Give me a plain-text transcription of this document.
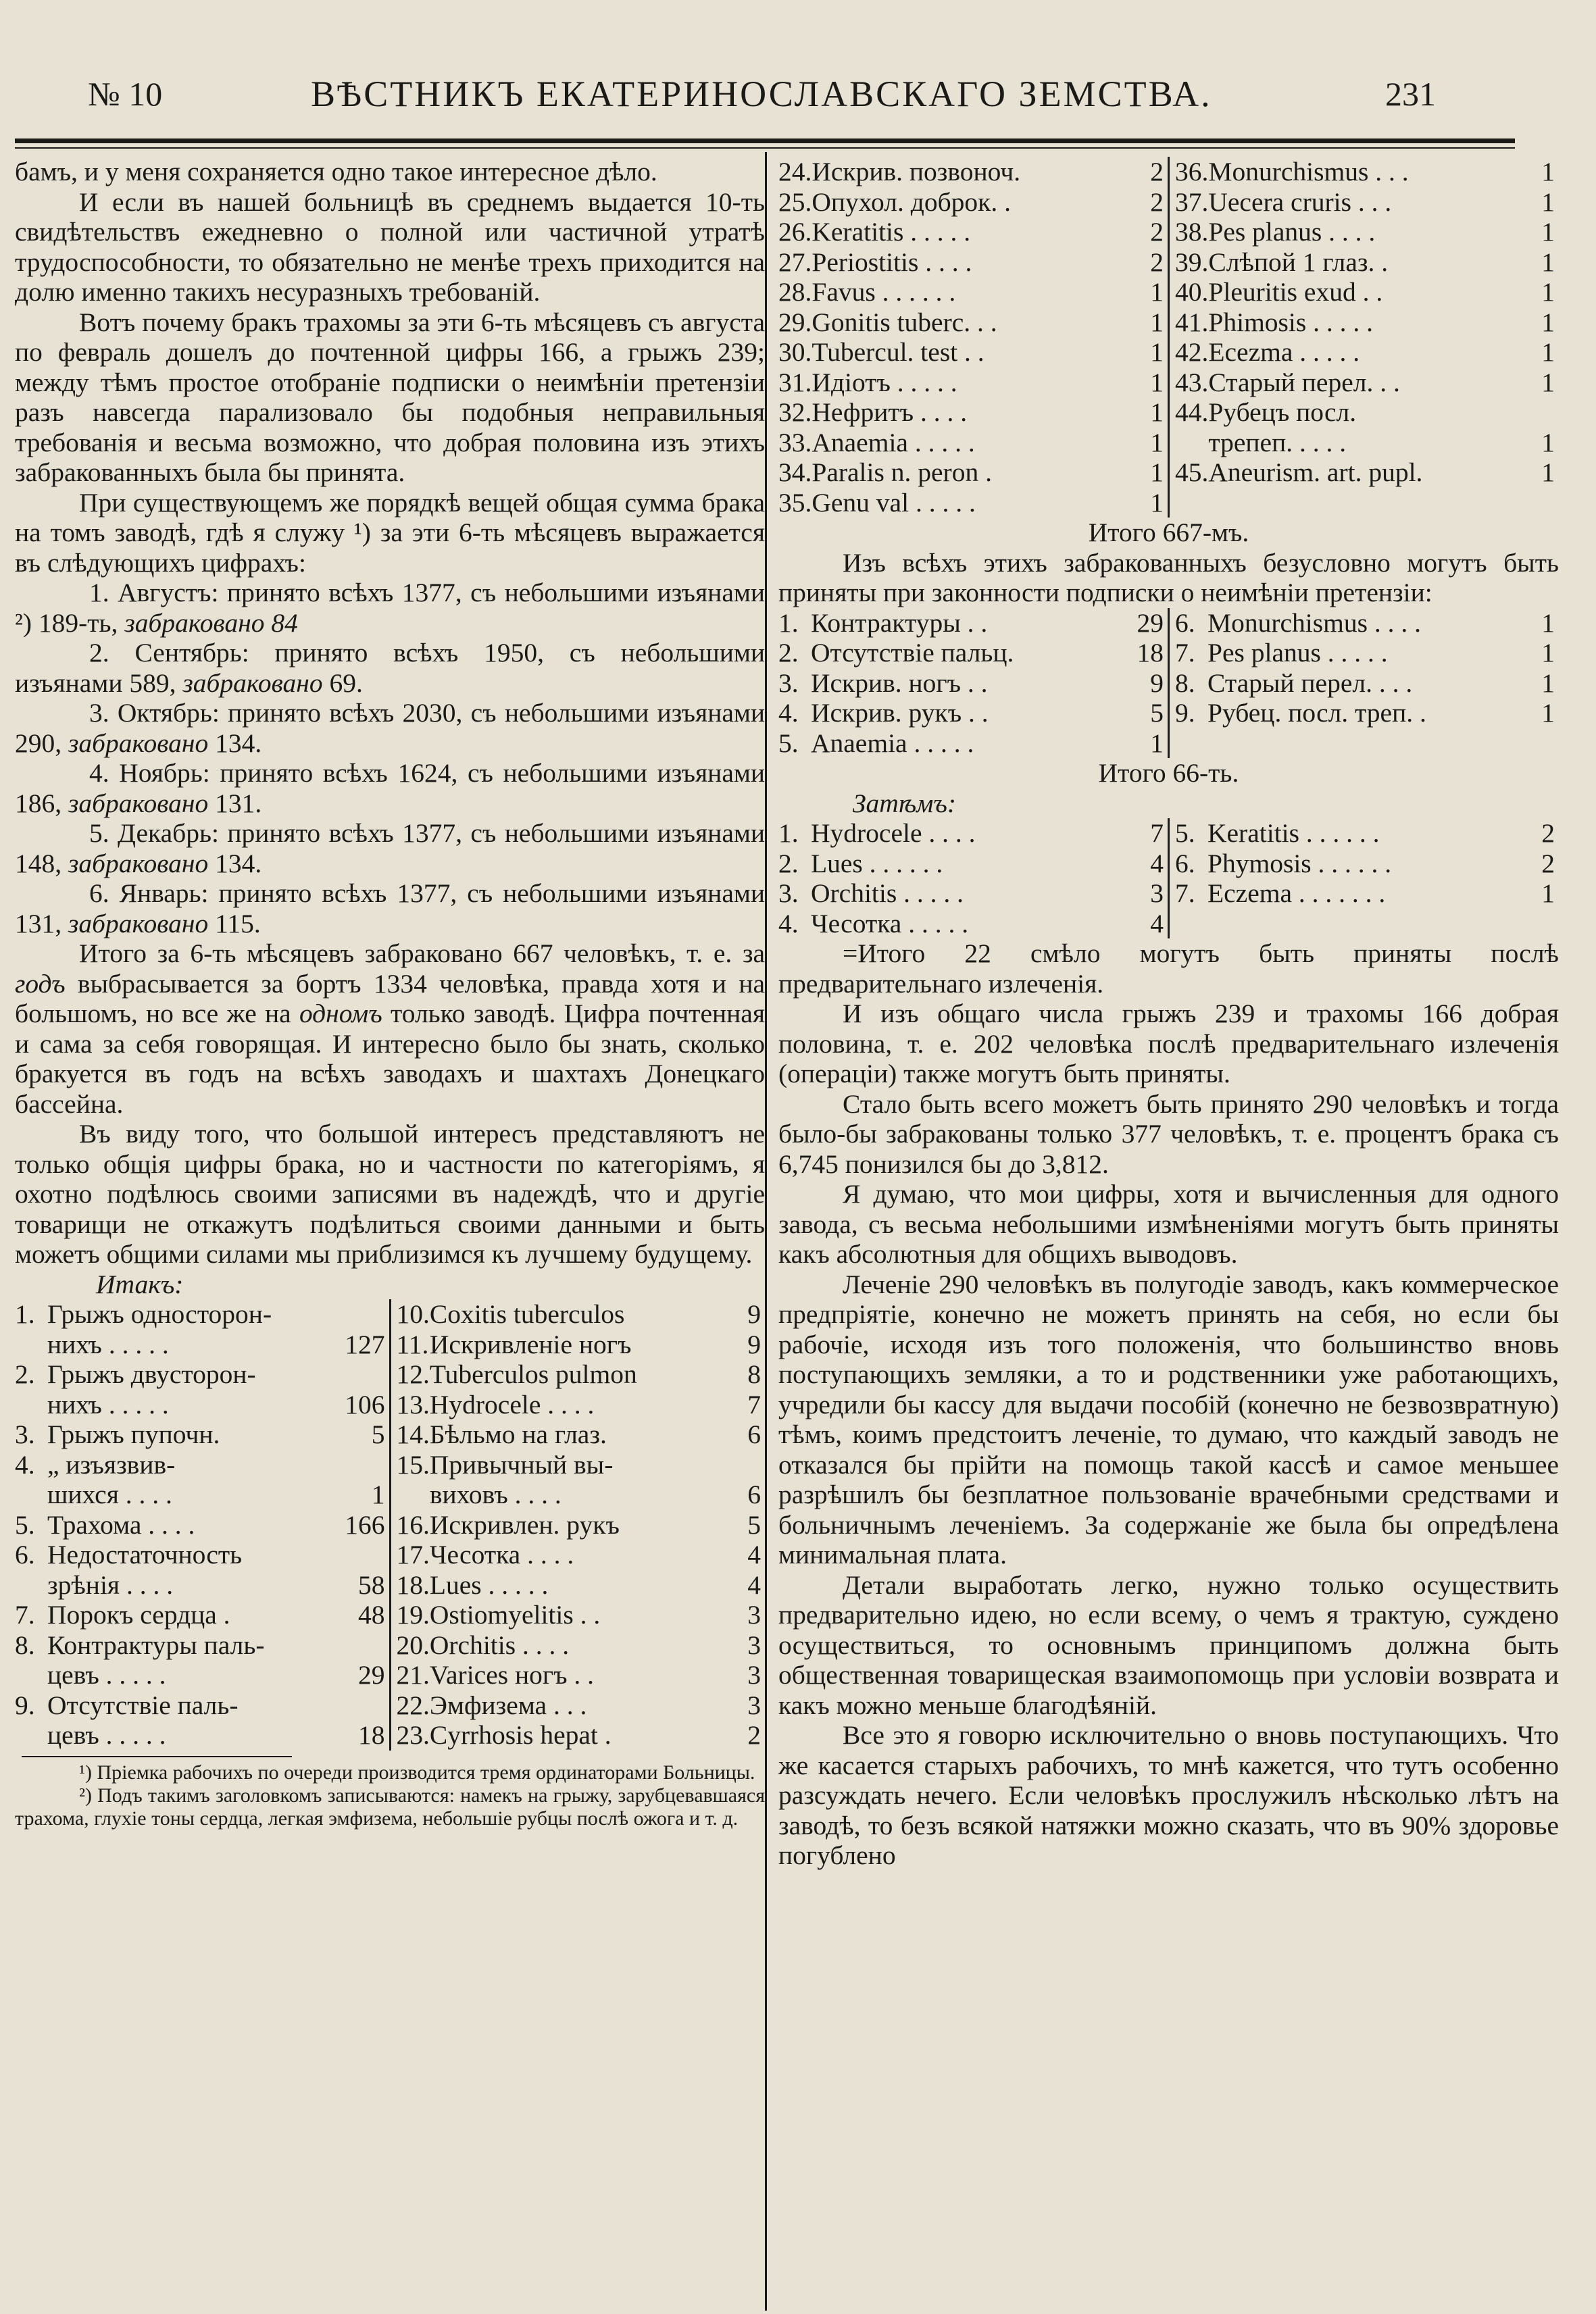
№ 10	ВѢСТНИКЪ ЕКАТЕРИНОСЛАВСКАГО ЗЕМСТВА.	231

бамъ, и у меня сохраняется одно такое интересное дѣло.

И если въ нашей больницѣ въ среднемъ выдается 10-ть свидѣтельствъ ежедневно о полной или частичной утратѣ трудоспособности, то обязательно не менѣе трехъ приходится на долю именно такихъ несуразныхъ требованій.

Вотъ почему бракъ трахомы за эти 6-ть мѣсяцевъ съ августа по февраль дошелъ до почтенной цифры 166, а грыжъ 239; между тѣмъ простое отобраніе подписки о неимѣніи претензіи разъ навсегда парализовало бы подобныя неправильныя требованія и весьма возможно, что добрая половина изъ этихъ забракованныхъ была бы принята.

При существующемъ же порядкѣ вещей общая сумма брака на томъ заводѣ, гдѣ я служу ¹) за эти 6-ть мѣсяцевъ выражается въ слѣдующихъ цифрахъ:

1. Августъ: принято всѣхъ 1377, съ небольшими изъянами ²) 189-ть, забраковано 84

2. Сентябрь: принято всѣхъ 1950, съ небольшими изъянами 589, забраковано 69.

3. Октябрь: принято всѣхъ 2030, съ небольшими изъянами 290, забраковано 134.

4. Ноябрь: принято всѣхъ 1624, съ небольшими изъянами 186, забраковано 131.

5. Декабрь: принято всѣхъ 1377, съ небольшими изъянами 148, забраковано 134.

6. Январь: принято всѣхъ 1377, съ небольшими изъянами 131, забраковано 115.

Итого за 6-ть мѣсяцевъ забраковано 667 человѣкъ, т. е. за годъ выбрасывается за бортъ 1334 человѣка, правда хотя и на большомъ, но все же на одномъ только заводѣ. Цифра почтенная и сама за себя говорящая. И интересно было бы знать, сколько бракуется въ годъ на всѣхъ заводахъ и шахтахъ Донецкаго бассейна.

Въ виду того, что большой интересъ представляютъ не только общія цифры брака, но и частности по категоріямъ, я охотно подѣлюсь своими записями въ надеждѣ, что и другіе товарищи не откажутъ подѣлиться своими данными и быть можетъ общими силами мы приблизимся къ лучшему будущему.

Итакъ:

1.	Грыжъ односторон-	
	нихъ . . . . .	127
2.	Грыжъ двусторон-	
	нихъ . . . . .	106
3.	Грыжъ пупочн.	5
4.	„ изъязвив-	
	шихся . . . .	1
5.	Трахома . . . .	166
6.	Недостаточность	
	зрѣнія . . . .	58
7.	Порокъ сердца .	48
8.	Контрактуры паль-	
	цевъ . . . . .	29
9.	Отсутствіе паль-	
	цевъ . . . . .	18

10.	Coxitis tuberculos	9
11.	Искривленіе ногъ	9
12.	Tuberculos pulmon	8
13.	Hydrocele . . . .	7
14.	Бѣльмо на глаз.	6
15.	Привычный вы-	
	виховъ . . . .	6
16.	Искривлен. рукъ	5
17.	Чесотка . . . .	4
18.	Lues . . . . .	4
19.	Ostiomyelitis . .	3
20.	Orchitis . . . .	3
21.	Varices ногъ . .	3
22.	Эмфизема . . .	3
23.	Cyrrhosis hepat .	2

¹) Пріемка рабочихъ по очереди производится тремя ординаторами Больницы.

²) Подъ такимъ заголовкомъ записываются: намекъ на грыжу, зарубцевавшаяся трахома, глухіе тоны сердца, легкая эмфизема, небольшіе рубцы послѣ ожога и т. д.

24.	Искрив. позвоноч.	2
25.	Опухол. доброк. .	2
26.	Keratitis . . . . .	2
27.	Periostitis . . . .	2
28.	Favus . . . . . .	1
29.	Gonitis tuberc. . .	1
30.	Tubercul. test . .	1
31.	Идіотъ . . . . .	1
32.	Нефритъ . . . .	1
33.	Anaemia . . . . .	1
34.	Paralis n. peron .	1
35.	Genu val . . . . .	1

36.	Monurchismus . . .	1
37.	Uecera cruris . . .	1
38.	Pes planus . . . .	1
39.	Слѣпой 1 глаз. .	1
40.	Pleuritis exud . .	1
41.	Phimosis . . . . .	1
42.	Ecezma . . . . .	1
43.	Старый перел. . .	1
44.	Рубецъ посл.	
	трепеп. . . . .	1
45.	Aneurism. art. pupl.	1

Итого 667-мъ.

Изъ всѣхъ этихъ забракованныхъ безусловно могутъ быть приняты при законности подписки о неимѣніи претензіи:

1.	Контрактуры . .	29
2.	Отсутствіе пальц.	18
3.	Искрив. ногъ . .	9
4.	Искрив. рукъ . .	5
5.	Anaemia . . . . .	1

6.	Monurchismus . . . .	1
7.	Pes planus . . . . .	1
8.	Старый перел. . . .	1
9.	Рубец. посл. треп. .	1

Итого 66-ть.

Затѣмъ:

1.	Hydrocele . . . .	7
2.	Lues . . . . . .	4
3.	Orchitis . . . . .	3
4.	Чесотка . . . . .	4

5.	Keratitis . . . . . .	2
6.	Phymosis . . . . . .	2
7.	Eczema . . . . . . .	1

=Итого 22 смѣло могутъ быть приняты послѣ предварительнаго излеченія.

И изъ общаго числа грыжъ 239 и трахомы 166 добрая половина, т. е. 202 человѣка послѣ предварительнаго излеченія (операціи) также могутъ быть приняты.

Стало быть всего можетъ быть принято 290 человѣкъ и тогда было-бы забракованы только 377 человѣкъ, т. е. процентъ брака съ 6,745 понизился бы до 3,812.

Я думаю, что мои цифры, хотя и вычисленныя для одного завода, съ весьма небольшими измѣненіями могутъ быть приняты какъ абсолютныя для общихъ выводовъ.

Леченіе 290 человѣкъ въ полугодіе заводъ, какъ коммерческое предпріятіе, конечно не можетъ принять на себя, но если бы рабочіе, исходя изъ того положенія, что большинство вновь поступающихъ земляки, а то и родственники уже работающихъ, учредили бы кассу для выдачи пособій (конечно не безвозвратную) тѣмъ, коимъ предстоитъ леченіе, то думаю, что каждый заводъ не отказался бы прійти на помощь такой кассѣ и самое меньшее разрѣшилъ бы безплатное пользованіе врачебными средствами и больничнымъ леченіемъ. За содержаніе же была бы опредѣлена минимальная плата.

Детали выработать легко, нужно только осуществить предварительно идею, но если всему, о чемъ я трактую, суждено осуществиться, то основнымъ принципомъ должна быть общественная товарищеская взаимопомощь при условіи возврата и какъ можно меньше благодѣяній.

Все это я говорю исключительно о вновь поступающихъ. Что же касается старыхъ рабочихъ, то мнѣ кажется, что тутъ особенно разсуждать нечего. Если человѣкъ прослужилъ нѣсколько лѣтъ на заводѣ, то безъ всякой натяжки можно сказать, что въ 90% здоровье погублено
